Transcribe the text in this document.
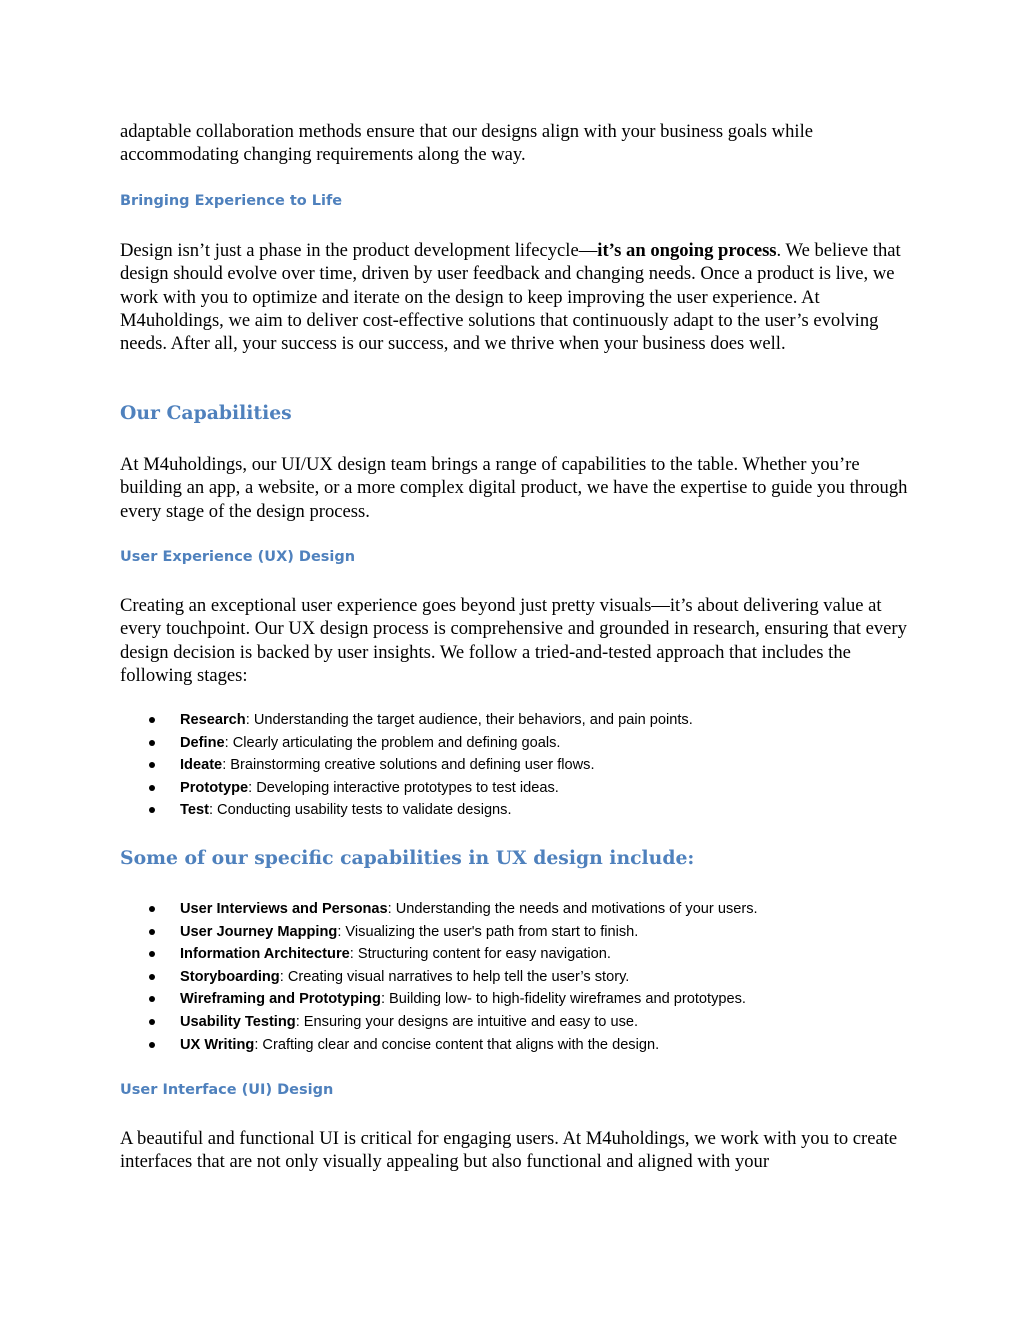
adaptable collaboration methods ensure that our designs align with your business goals while accommodating changing requirements along the way.

Bringing Experience to Life

Design isn’t just a phase in the product development lifecycle—it’s an ongoing process. We believe that design should evolve over time, driven by user feedback and changing needs. Once a product is live, we work with you to optimize and iterate on the design to keep improving the user experience. At M4uholdings, we aim to deliver cost-effective solutions that continuously adapt to the user’s evolving needs. After all, your success is our success, and we thrive when your business does well.

Our Capabilities

At M4uholdings, our UI/UX design team brings a range of capabilities to the table. Whether you’re building an app, a website, or a more complex digital product, we have the expertise to guide you through every stage of the design process.

User Experience (UX) Design

Creating an exceptional user experience goes beyond just pretty visuals—it’s about delivering value at every touchpoint. Our UX design process is comprehensive and grounded in research, ensuring that every design decision is backed by user insights. We follow a tried-and-tested approach that includes the following stages:

Research: Understanding the target audience, their behaviors, and pain points.
Define: Clearly articulating the problem and defining goals.
Ideate: Brainstorming creative solutions and defining user flows.
Prototype: Developing interactive prototypes to test ideas.
Test: Conducting usability tests to validate designs.
Some of our specific capabilities in UX design include:
User Interviews and Personas: Understanding the needs and motivations of your users.
User Journey Mapping: Visualizing the user's path from start to finish.
Information Architecture: Structuring content for easy navigation.
Storyboarding: Creating visual narratives to help tell the user’s story.
Wireframing and Prototyping: Building low- to high-fidelity wireframes and prototypes.
Usability Testing: Ensuring your designs are intuitive and easy to use.
UX Writing: Crafting clear and concise content that aligns with the design.
User Interface (UI) Design

A beautiful and functional UI is critical for engaging users. At M4uholdings, we work with you to create interfaces that are not only visually appealing but also functional and aligned with your
